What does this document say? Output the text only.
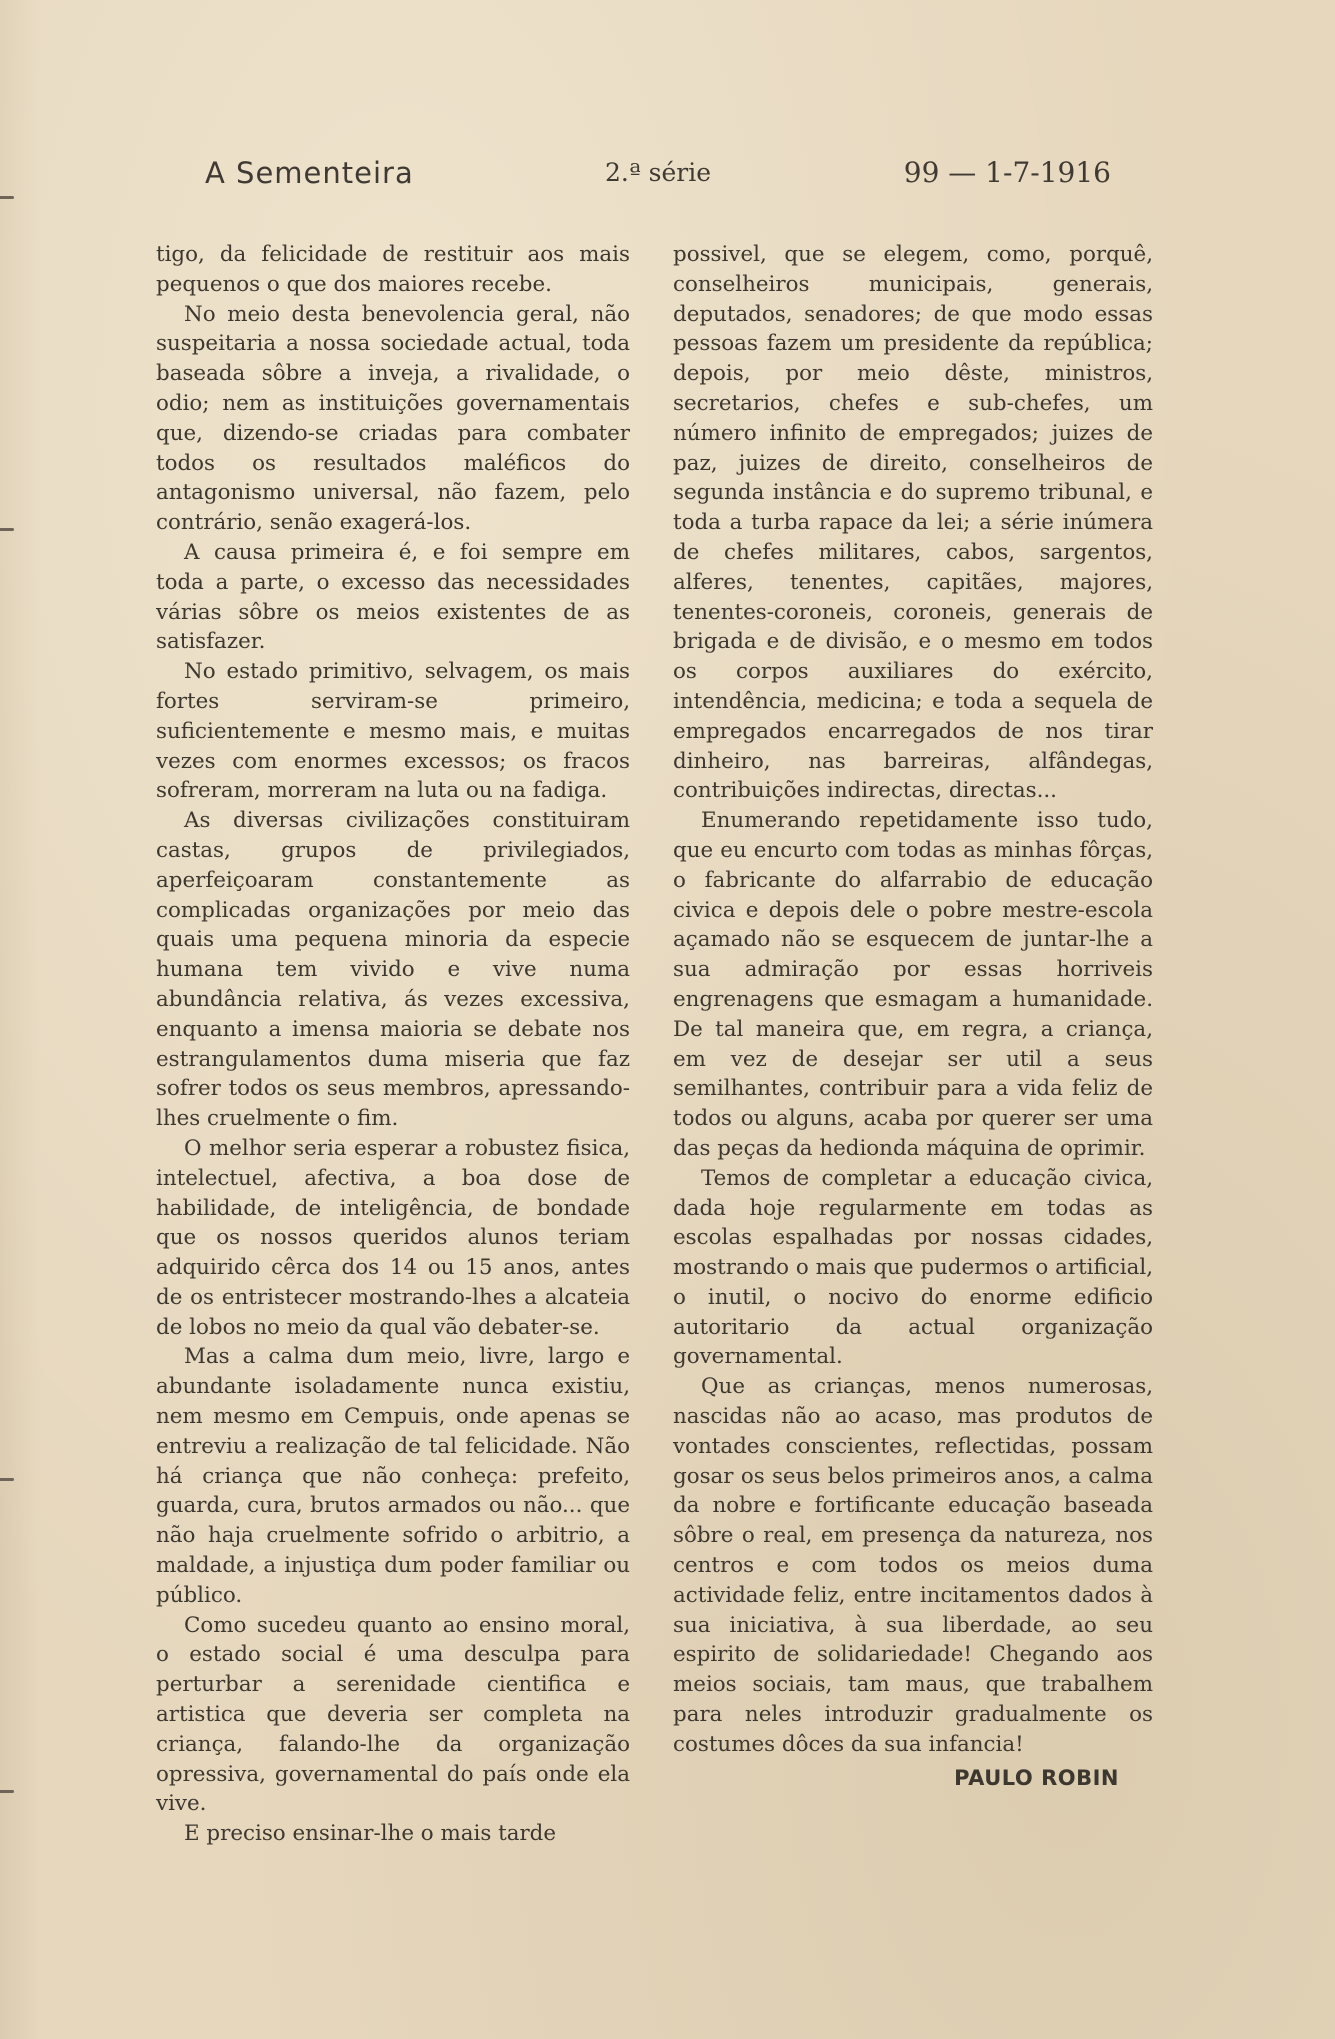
A Sementeira	2.ª série	99 — 1-7-1916

tigo, da felicidade de restituir aos mais pequenos o que dos maiores recebe.

No meio desta benevolencia geral, não suspeitaria a nossa sociedade actual, toda baseada sôbre a inveja, a rivalidade, o odio; nem as instituições governamentais que, dizendo-se criadas para combater todos os resultados maléficos do antagonismo universal, não fazem, pelo contrário, senão exagerá-los.

A causa primeira é, e foi sempre em toda a parte, o excesso das necessidades várias sôbre os meios existentes de as satisfazer.

No estado primitivo, selvagem, os mais fortes serviram-se primeiro, suficientemente e mesmo mais, e muitas vezes com enormes excessos; os fracos sofreram, morreram na luta ou na fadiga.

As diversas civilizações constituiram castas, grupos de privilegiados, aperfeiçoaram constantemente as complicadas organizações por meio das quais uma pequena minoria da especie humana tem vivido e vive numa abundância relativa, ás vezes excessiva, enquanto a imensa maioria se debate nos estrangulamentos duma miseria que faz sofrer todos os seus membros, apressando-lhes cruelmente o fim.

O melhor seria esperar a robustez fisica, intelectuel, afectiva, a boa dose de habilidade, de inteligência, de bondade que os nossos queridos alunos teriam adquirido cêrca dos 14 ou 15 anos, antes de os entristecer mostrando-lhes a alcateia de lobos no meio da qual vão debater-se.

Mas a calma dum meio, livre, largo e abundante isoladamente nunca existiu, nem mesmo em Cempuis, onde apenas se entreviu a realização de tal felicidade. Não há criança que não conheça: prefeito, guarda, cura, brutos armados ou não... que não haja cruelmente sofrido o arbitrio, a maldade, a injustiça dum poder familiar ou público.

Como sucedeu quanto ao ensino moral, o estado social é uma desculpa para perturbar a serenidade cientifica e artistica que deveria ser completa na criança, falando-lhe da organização opressiva, governamental do país onde ela vive.

E preciso ensinar-lhe o mais tarde

possivel, que se elegem, como, porquê, conselheiros municipais, generais, deputados, senadores; de que modo essas pessoas fazem um presidente da república; depois, por meio dêste, ministros, secretarios, chefes e sub-chefes, um número infinito de empregados; juizes de paz, juizes de direito, conselheiros de segunda instância e do supremo tribunal, e toda a turba rapace da lei; a série inúmera de chefes militares, cabos, sargentos, alferes, tenentes, capitães, majores, tenentes-coroneis, coroneis, generais de brigada e de divisão, e o mesmo em todos os corpos auxiliares do exército, intendência, medicina; e toda a sequela de empregados encarregados de nos tirar dinheiro, nas barreiras, alfândegas, contribuições indirectas, directas...

Enumerando repetidamente isso tudo, que eu encurto com todas as minhas fôrças, o fabricante do alfarrabio de educação civica e depois dele o pobre mestre-escola açamado não se esquecem de juntar-lhe a sua admiração por essas horriveis engrenagens que esmagam a humanidade. De tal maneira que, em regra, a criança, em vez de desejar ser util a seus semilhantes, contribuir para a vida feliz de todos ou alguns, acaba por querer ser uma das peças da hedionda máquina de oprimir.

Temos de completar a educação civica, dada hoje regularmente em todas as escolas espalhadas por nossas cidades, mostrando o mais que pudermos o artificial, o inutil, o nocivo do enorme edificio autoritario da actual organização governamental.

Que as crianças, menos numerosas, nascidas não ao acaso, mas produtos de vontades conscientes, reflectidas, possam gosar os seus belos primeiros anos, a calma da nobre e fortificante educação baseada sôbre o real, em presença da natureza, nos centros e com todos os meios duma actividade feliz, entre incitamentos dados à sua iniciativa, à sua liberdade, ao seu espirito de solidariedade! Chegando aos meios sociais, tam maus, que trabalhem para neles introduzir gradualmente os costumes dôces da sua infancia!

PAULO ROBIN
